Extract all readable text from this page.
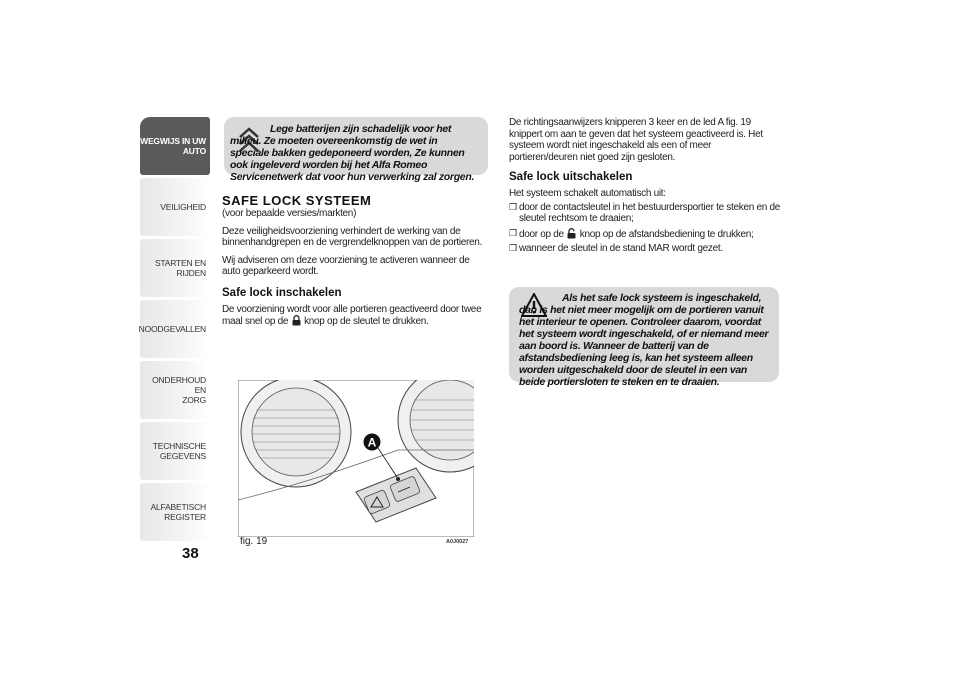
WEGWIJS IN UW
AUTO
VEILIGHEID
STARTEN EN RIJDEN
NOODGEVALLEN
ONDERHOUD EN
ZORG
TECHNISCHE
GEGEVENS
ALFABETISCH
REGISTER
38
Lege batterijen zijn schadelijk voor het milieu. Ze moeten overeenkomstig de wet in speciale bakken gedeponeerd worden, Ze kunnen ook ingeleverd worden bij het Alfa Romeo Servicenetwerk dat voor hun verwerking zal zorgen.
SAFE LOCK SYSTEEM

(voor bepaalde versies/markten)

Deze veiligheidsvoorziening verhindert de werking van de binnenhandgrepen en de vergrendelknoppen van de portieren.

Wij adviseren om deze voorziening te activeren wanneer de auto geparkeerd wordt.

Safe lock inschakelen

De voorziening wordt voor alle portieren geactiveerd door twee maal snel op de knop op de sleutel te drukken.

A
fig. 19	A0J0027

De richtingsaanwijzers knipperen 3 keer en de led A fig. 19 knippert om aan te geven dat het systeem geactiveerd is. Het systeem wordt niet ingeschakeld als een of meer portieren/deuren niet goed zijn gesloten.

Safe lock uitschakelen

Het systeem schakelt automatisch uit:

❒ door de contactsleutel in het bestuurdersportier te steken en de sleutel rechtsom te draaien;
❒ door op de knop op de afstandsbediening te drukken;
❒ wanneer de sleutel in de stand MAR wordt gezet.
Als het safe lock systeem is ingeschakeld, dan is het niet meer mogelijk om de portieren vanuit het interieur te openen. Controleer daarom, voordat het systeem wordt ingeschakeld, of er niemand meer aan boord is. Wanneer de batterij van de afstandsbediening leeg is, kan het systeem alleen worden uitgeschakeld door de sleutel in een van beide portiersloten te steken en te draaien.
